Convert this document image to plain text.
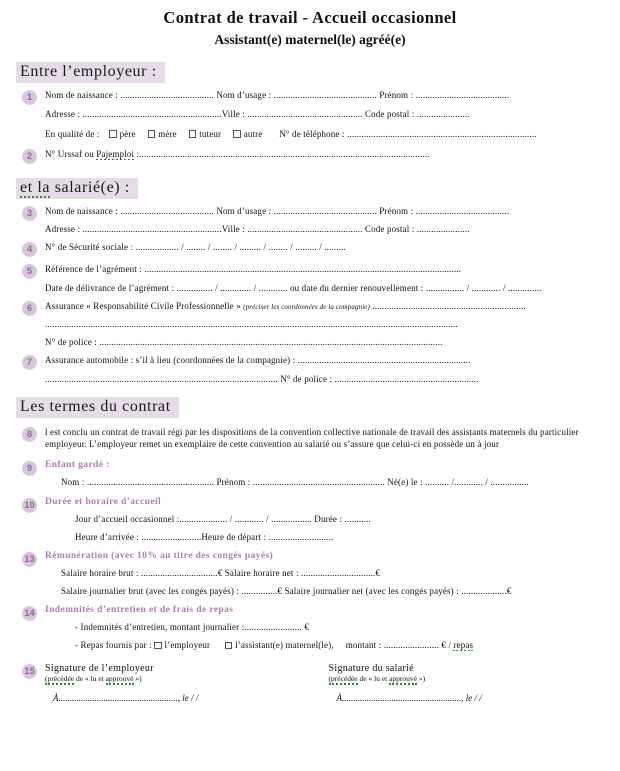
Contrat de travail - Accueil occasionnel
Assistant(e) maternel(le) agréé(e)
Entre l’employeur :
1	Nom de naissance : ....................................... Nom d’usage : ........................................... Prénom : .......................................
Adresse : ..........................................................Ville : ................................................ Code postal : ......................
En qualité de : père	mère	tuteur	autre N° de téléphone : ...............................................................................
2	N° Urssaf ou Pajemploi :.........................................................................................................................
et la salarié(e) :
3	Nom de naissance : ....................................... Nom d’usage : ........................................... Prénom : .......................................
Adresse : ..........................................................Ville : ................................................ Code postal : ......................
4	N° de Sécurité sociale : .................. / ........ / ........ / ......... / ........ / ......... / .........
5	Référence de l’agrément : ....................................................................................................................................
Date de délivrance de l’agrément : ............... / ............. / ............ ou date du dernier renouvellement : ................ / ............ / ..............
6	Assurance « Responsabilité Civile Professionnelle » (préciser les coordonnées de la compagnie) ................................................................
............................................................................................................................................................................
N° de police : ...............................................................................................................................................
7	Assurance automobile : s’il à lieu (coordonnées de la compagnie) : ........................................................................
................................................................................................. N° de police : ............................................................
Les termes du contrat
8	l est conclu un contrat de travail régi par les dispositions de la convention collective nationale de travail des assistants maternels du particulier employeur. L’employeur remet un exemplaire de cette convention au salarié ou s’assure que celui-ci en possède un à jour
9	Enfant gardé :
Nom : ..................................................... Prénom : ....................................................... Né(e) le : .......... /............ / ................
10 Durée et horaire d’accueil
Jour d’accueil occasionnel :.................... / ............ / ................. Durée : ...........
Heure d’arrivée : .........................Heure de départ : ...........................
13 Rémunération (avec 10% au titre des congés payés)
Salaire horaire brut : ................................€ Salaire horaire net : ...............................€
Salaire journalier brut (avec les congés payés) : ...............€ Salaire journalier net (avec les congés payés) : ...................€
14 Indemnités d’entretien et de frais de repas
- Indemnités d’entretien, montant journalier :........................ €
- Repas fournis par : l’employeur	l’assistant(e) maternel(le), montant : ....................... € / repas
15 Signature de l’employeur
(précédée de « lu et approuvé »)
À....................................................., le / /
Signature du salarié
(précédée de « lu et approuvé »)
À....................................................., le / /
